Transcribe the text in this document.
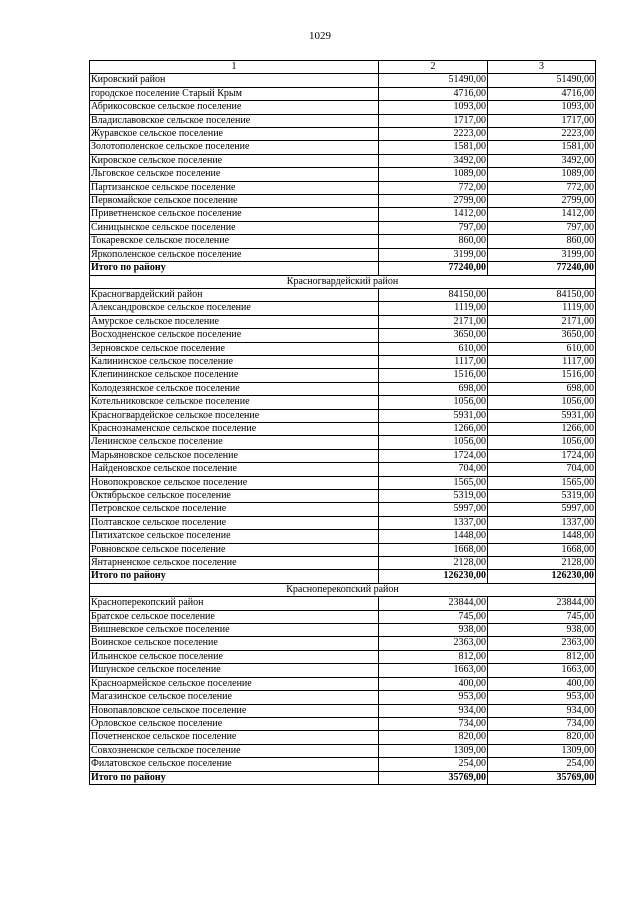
1029
1	2	3
Кировский район	51490,00	51490,00
городское поселение Старый Крым	4716,00	4716,00
Абрикосовское сельское поселение	1093,00	1093,00
Владиславовское сельское поселение	1717,00	1717,00
Журавское сельское поселение	2223,00	2223,00
Золотополенское сельское поселение	1581,00	1581,00
Кировское сельское поселение	3492,00	3492,00
Льговское сельское поселение	1089,00	1089,00
Партизанское сельское поселение	772,00	772,00
Первомайское сельское поселение	2799,00	2799,00
Приветненское сельское поселение	1412,00	1412,00
Синицынское сельское поселение	797,00	797,00
Токаревское сельское поселение	860,00	860,00
Яркополенское сельское поселение	3199,00	3199,00
Итого по району	77240,00	77240,00
Красногвардейский район		
Красногвардейский район	84150,00	84150,00
Александровское сельское поселение	1119,00	1119,00
Амурское сельское поселение	2171,00	2171,00
Восходненское сельское поселение	3650,00	3650,00
Зерновское сельское поселение	610,00	610,00
Калининское сельское поселение	1117,00	1117,00
Клепининское сельское поселение	1516,00	1516,00
Колодезянское сельское поселение	698,00	698,00
Котельниковское сельское поселение	1056,00	1056,00
Красногвардейское сельское поселение	5931,00	5931,00
Краснознаменское сельское поселение	1266,00	1266,00
Ленинское сельское поселение	1056,00	1056,00
Марьяновское сельское поселение	1724,00	1724,00
Найденовское сельское поселение	704,00	704,00
Новопокровское сельское поселение	1565,00	1565,00
Октябрьское сельское поселение	5319,00	5319,00
Петровское сельское поселение	5997,00	5997,00
Полтавское сельское поселение	1337,00	1337,00
Пятихатское сельское поселение	1448,00	1448,00
Ровновское сельское поселение	1668,00	1668,00
Янтарненское сельское поселение	2128,00	2128,00
Итого по району	126230,00	126230,00
Красноперекопский район		
Красноперекопский район	23844,00	23844,00
Братское сельское поселение	745,00	745,00
Вишневское сельское поселение	938,00	938,00
Воинское сельское поселение	2363,00	2363,00
Ильинское сельское поселение	812,00	812,00
Ишунское сельское поселение	1663,00	1663,00
Красноармейское сельское поселение	400,00	400,00
Магазинское сельское поселение	953,00	953,00
Новопавловское сельское поселение	934,00	934,00
Орловское сельское поселение	734,00	734,00
Почетненское сельское поселение	820,00	820,00
Совхозненское сельское поселение	1309,00	1309,00
Филатовское сельское поселение	254,00	254,00
Итого по району	35769,00	35769,00
